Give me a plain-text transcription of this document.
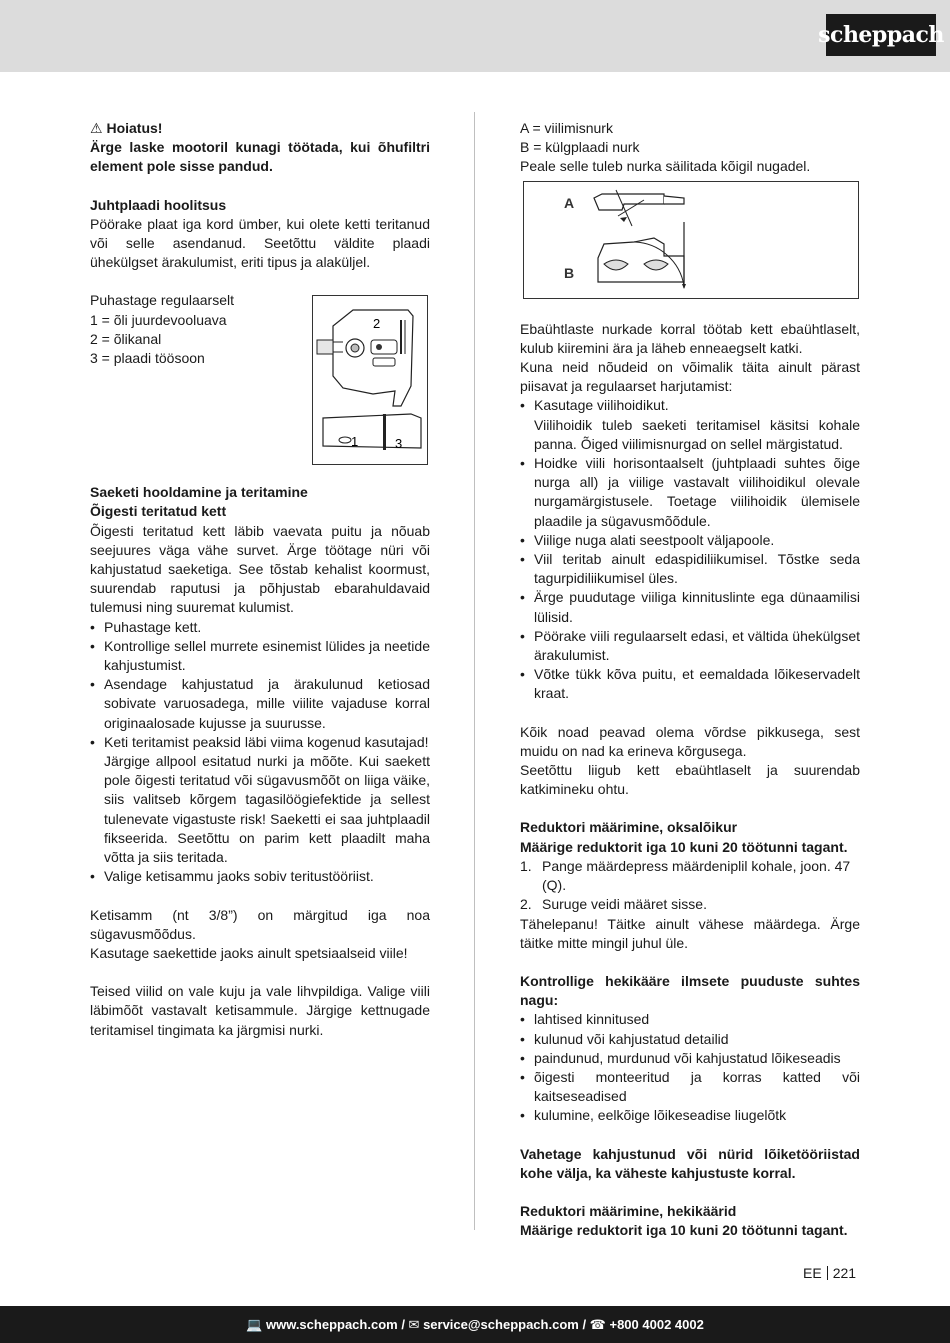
scheppach

⚠ Hoiatus!

Ärge laske mootoril kunagi töötada, kui õhufiltri element pole sisse pandud.

Juhtplaadi hoolitsus

Pöörake plaat iga kord ümber, kui olete ketti teritanud või selle asendanud. Seetõttu väldite plaadi ühekülgset ärakulumist, eriti tipus ja alaküljel.

Puhastage regulaarselt

1 = õli juurdevooluava

2 = õlikanal

3 = plaadi töösoon

Saeketi hooldamine ja teritamine

Õigesti teritatud kett

Õigesti teritatud kett läbib vaevata puitu ja nõuab seejuures väga vähe survet. Ärge töötage nüri või kahjustatud saeketiga. See tõstab kehalist koormust, suurendab raputusi ja põhjustab ebarahuldavaid tulemusi ning suuremat kulumist.

• Puhastage kett.
• Kontrollige sellel murrete esinemist lülides ja neetide kahjustumist.
• Asendage kahjustatud ja ärakulunud ketiosad sobivate varuosadega, mille viilite vajaduse korral originaalosade kujusse ja suurusse.
• Keti teritamist peaksid läbi viima kogenud kasutajad!
Järgige allpool esitatud nurki ja mõõte. Kui saekett pole õigesti teritatud või sügavusmõõt on liiga väike, siis valitseb kõrgem tagasilöögiefektide ja sellest tulenevate vigastuste risk! Saeketti ei saa juhtplaadil fikseerida. Seetõttu on parim kett plaadilt maha võtta ja siis teritada.
• Valige ketisammu jaoks sobiv teritustööriist.

Ketisamm (nt 3/8”) on märgitud iga noa sügavusmõõdus.

Kasutage saekettide jaoks ainult spetsiaalseid viile!

Teised viilid on vale kuju ja vale lihvpildiga. Valige viili läbimõõt vastavalt ketisammule. Järgige kettnugade teritamisel tingimata ka järgmisi nurki.

2
1	3

A = viilimisnurk

B = külgplaadi nurk

Peale selle tuleb nurka säilitada kõigil nugadel.

Ebaühtlaste nurkade korral töötab kett ebaühtlaselt, kulub kiiremini ära ja läheb enneaegselt katki.

Kuna neid nõudeid on võimalik täita ainult pärast piisavat ja regulaarset harjutamist:

• Kasutage viilihoidikut.
Viilihoidik tuleb saeketi teritamisel käsitsi kohale panna. Õiged viilimisnurgad on sellel märgistatud.
• Hoidke viili horisontaalselt (juhtplaadi suhtes õige nurga all) ja viilige vastavalt viilihoidikul olevale nurgamärgistusele. Toetage viilihoidik ülemisele plaadile ja sügavusmõõdule.
• Viilige nuga alati seestpoolt väljapoole.
• Viil teritab ainult edaspidiliikumisel. Tõstke seda tagurpidiliikumisel üles.
• Ärge puudutage viiliga kinnituslinte ega dünaamilisi lülisid.
• Pöörake viili regulaarselt edasi, et vältida ühekülgset ärakulumist.
• Võtke tükk kõva puitu, et eemaldada lõikeservadelt kraat.

Kõik noad peavad olema võrdse pikkusega, sest muidu on nad ka erineva kõrgusega.

Seetõttu liigub kett ebaühtlaselt ja suurendab katkimineku ohtu.

Reduktori määrimine, oksalõikur

Määrige reduktorit iga 10 kuni 20 töötunni tagant.

1. Pange määrdepress määrdeniplil kohale, joon. 47 (Q).
2. Suruge veidi määret sisse.

Tähelepanu! Täitke ainult vähese määrdega. Ärge täitke mitte mingil juhul üle.

Kontrollige hekikääre ilmsete puuduste suhtes nagu:

• lahtised kinnitused
• kulunud või kahjustatud detailid
• paindunud, murdunud või kahjustatud lõikeseadis
• õigesti monteeritud ja korras katted või kaitseseadised
• kulumine, eelkõige lõikeseadise liugelõtk

Vahetage kahjustunud või nürid lõiketööriistad kohe välja, ka väheste kahjustuste korral.

Reduktori määrimine, hekikäärid

Määrige reduktorit iga 10 kuni 20 töötunni tagant.

A
B
EE 221
💻 www.scheppach.com / ✉ service@scheppach.com / ☎ +800 4002 4002
